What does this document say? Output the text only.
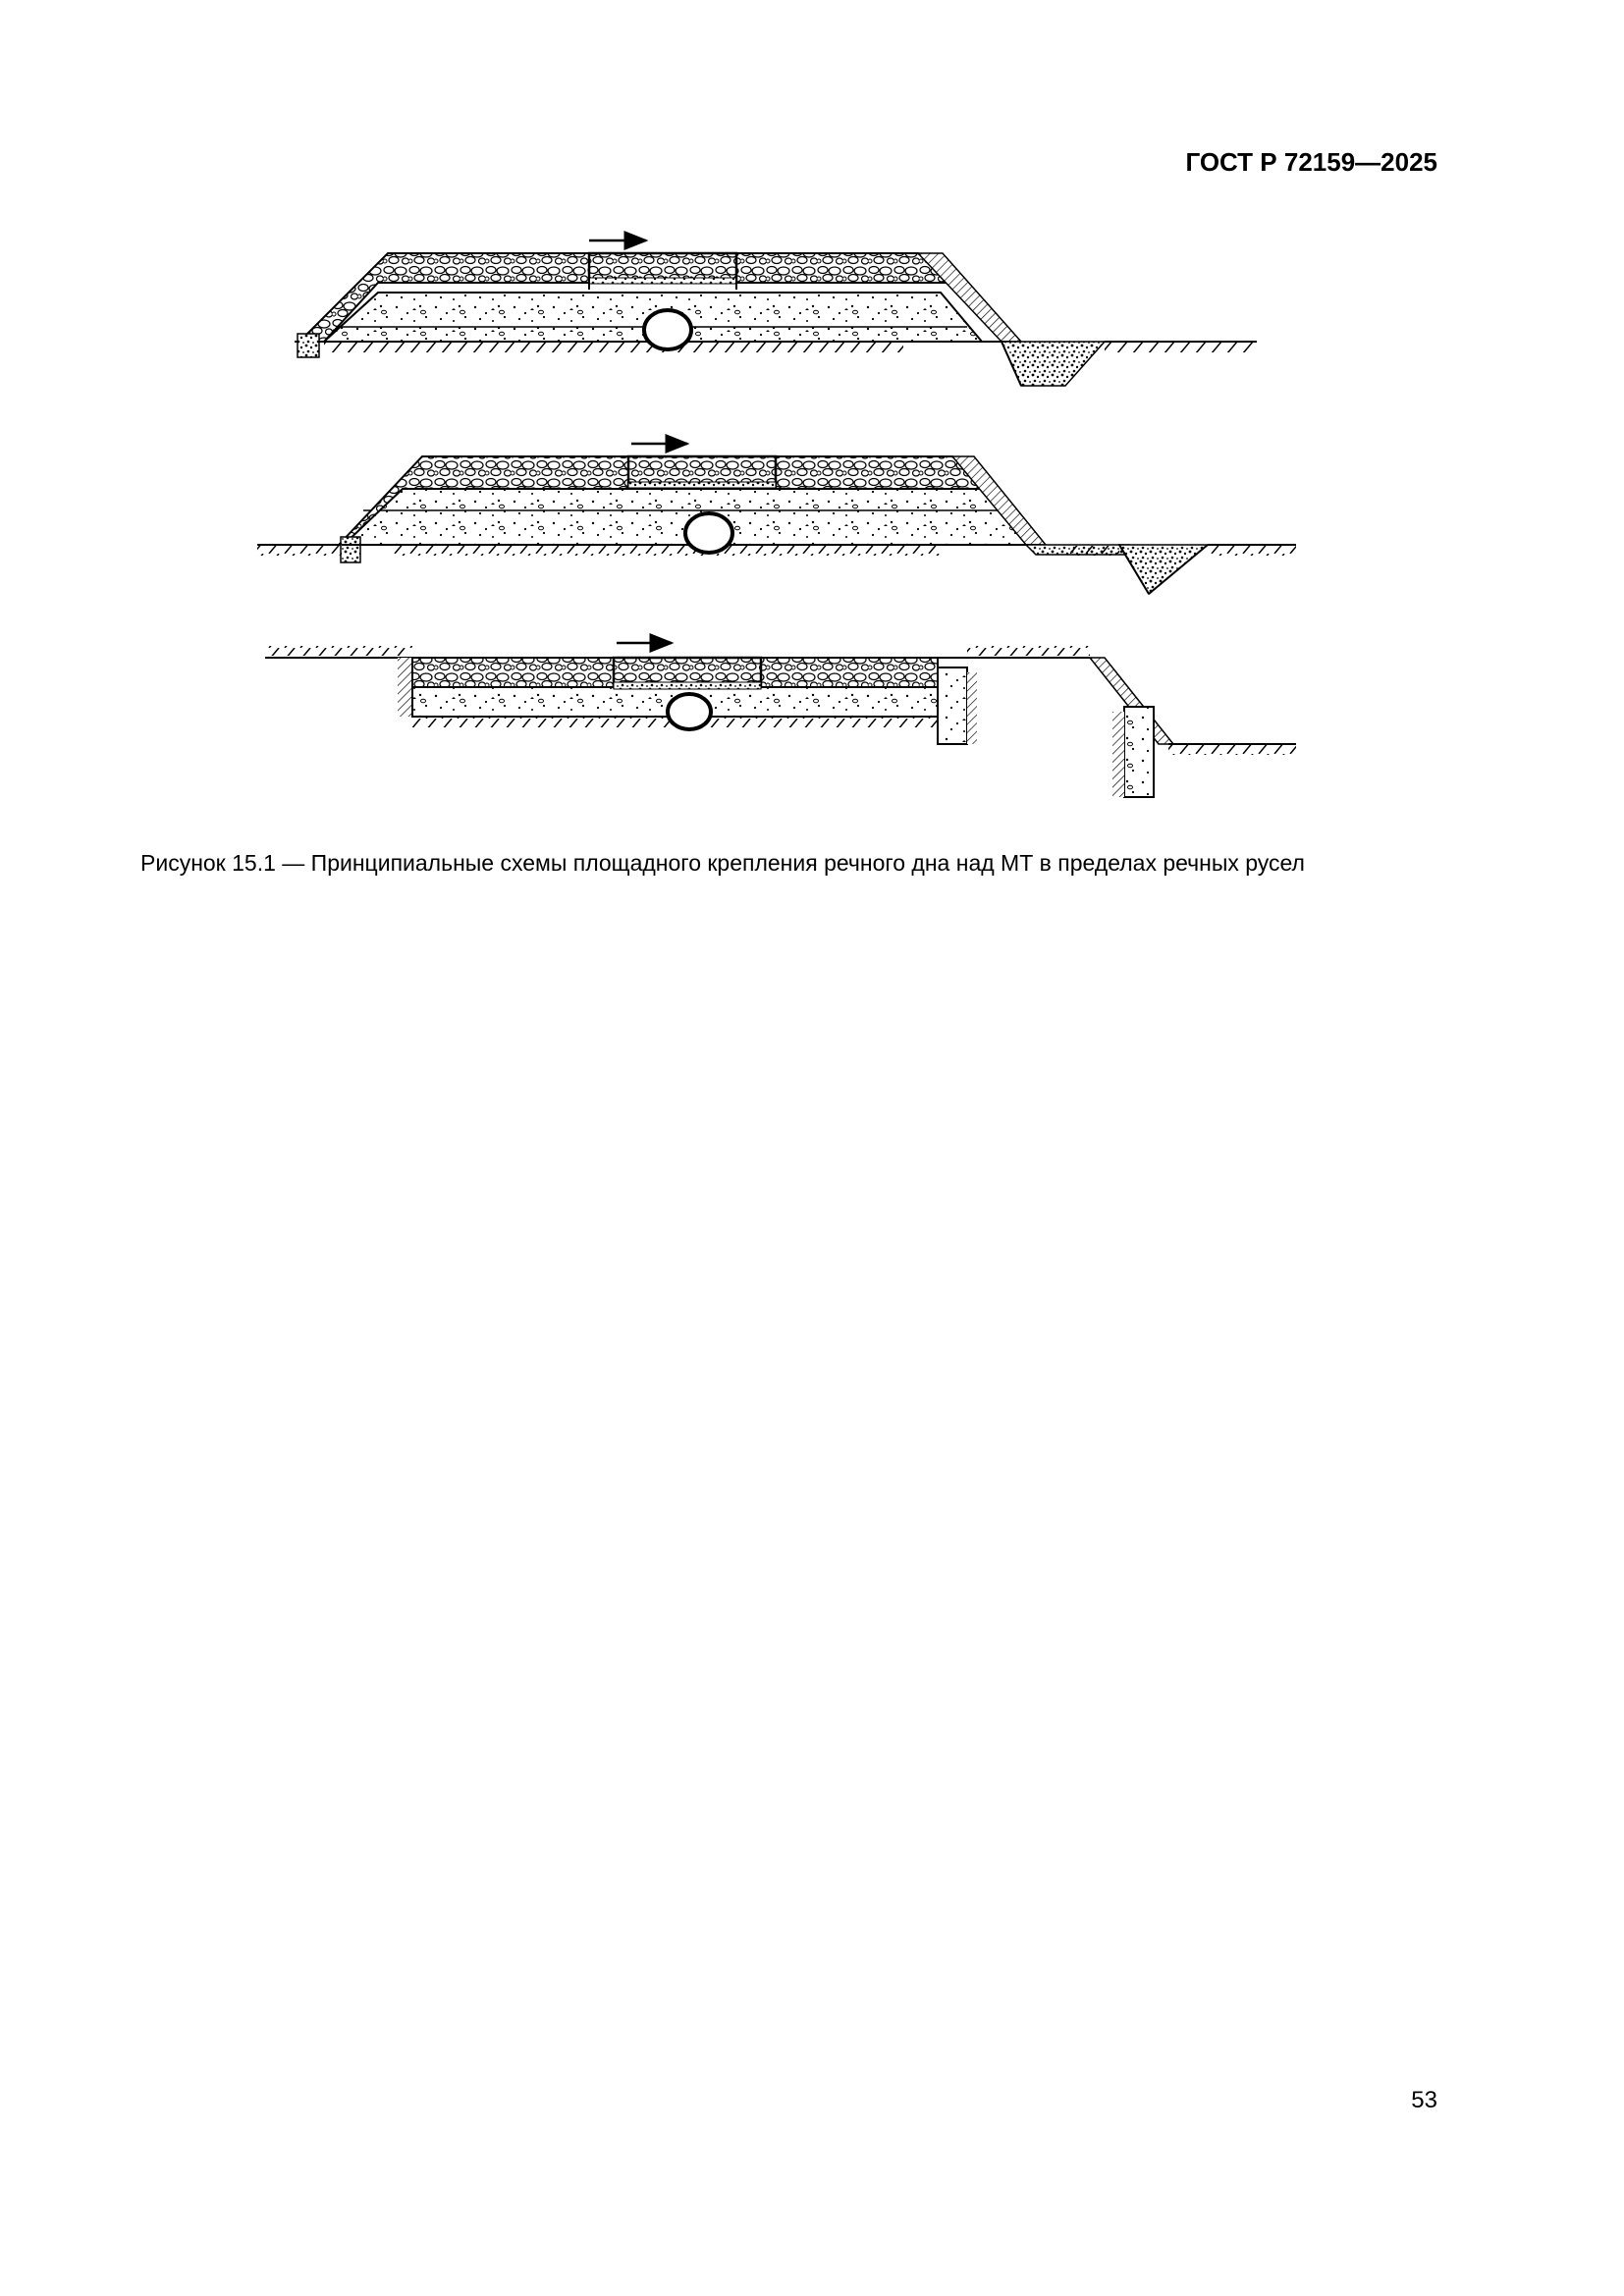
ГОСТ Р 72159—2025
Рисунок 15.1 — Принципиальные схемы площадного крепления речного дна над МТ в пределах речных русел
53
